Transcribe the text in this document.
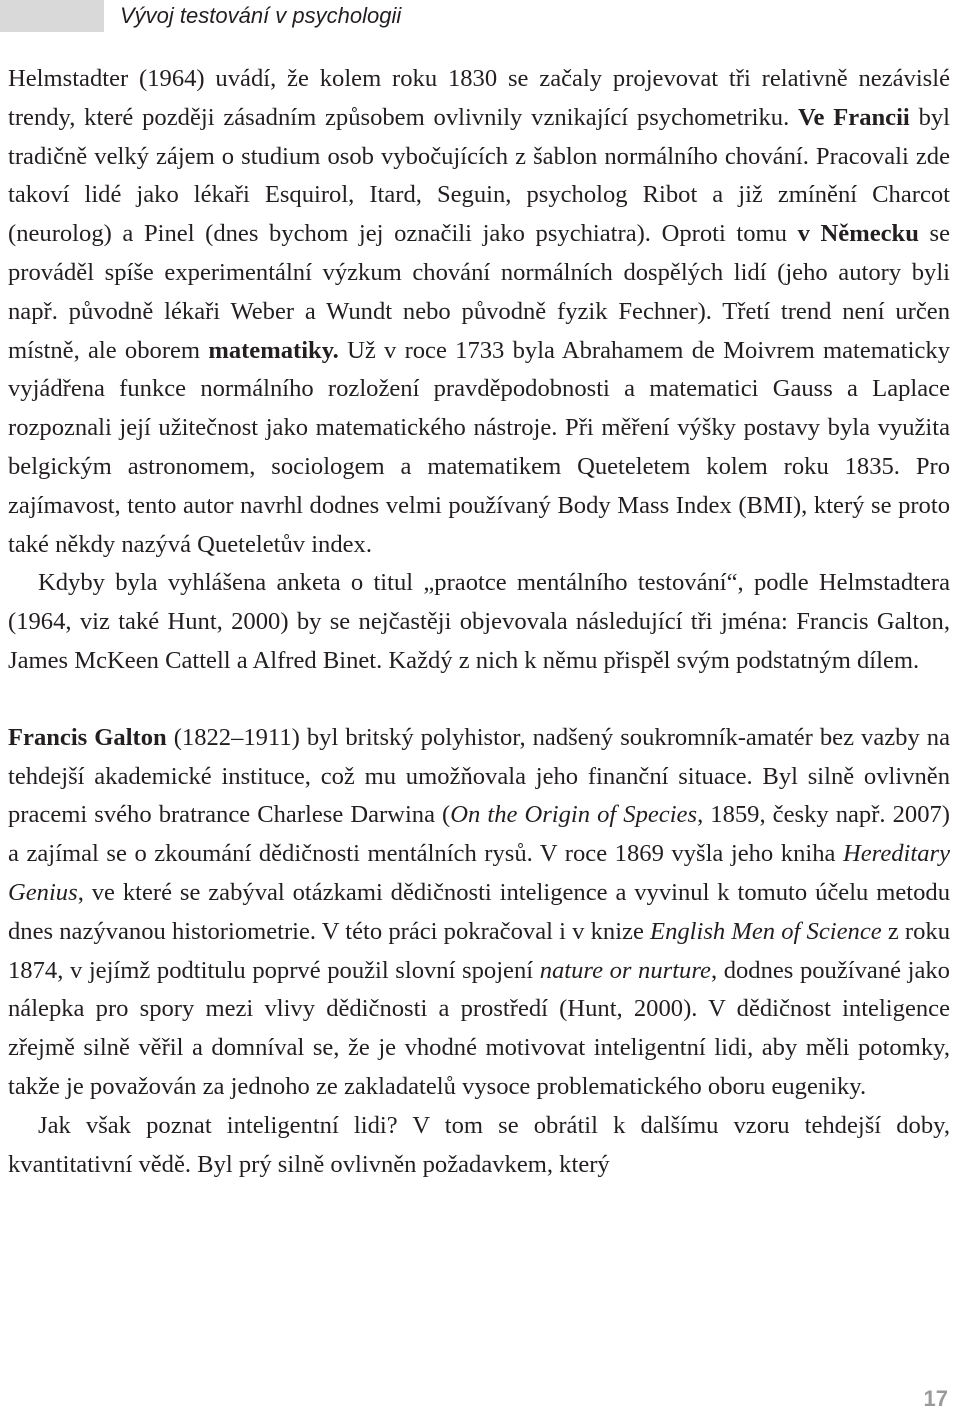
Vývoj testování v psychologii

Helmstadter (1964) uvádí, že kolem roku 1830 se začaly projevovat tři relativně nezávislé trendy, které později zásadním způsobem ovlivnily vznikající psychometriku. Ve Francii byl tradičně velký zájem o studium osob vybočujících z šablon normálního chování. Pracovali zde takoví lidé jako lékaři Esquirol, Itard, Seguin, psycholog Ribot a již zmínění Charcot (neurolog) a Pinel (dnes bychom jej označili jako psychiatra). Oproti tomu v Německu se prováděl spíše experimentální výzkum chování normálních dospělých lidí (jeho autory byli např. původně lékaři Weber a Wundt nebo původně fyzik Fechner). Třetí trend není určen místně, ale oborem matematiky. Už v roce 1733 byla Abrahamem de Moivrem matematicky vyjádřena funkce normálního rozložení pravděpodobnosti a matematici Gauss a Laplace rozpoznali její užitečnost jako matematického nástroje. Při měření výšky postavy byla využita belgickým astronomem, sociologem a matematikem Queteletem kolem roku 1835. Pro zajímavost, tento autor navrhl dodnes velmi používaný Body Mass Index (BMI), který se proto také někdy nazývá Queteletův index.

Kdyby byla vyhlášena anketa o titul „praotce mentálního testování“, podle Helmstadtera (1964, viz také Hunt, 2000) by se nejčastěji objevovala následující tři jména: Francis Galton, James McKeen Cattell a Alfred Binet. Každý z nich k němu přispěl svým podstatným dílem.

Francis Galton (1822–1911) byl britský polyhistor, nadšený soukromník-amatér bez vazby na tehdejší akademické instituce, což mu umožňovala jeho finanční situace. Byl silně ovlivněn pracemi svého bratrance Charlese Darwina (On the Origin of Species, 1859, česky např. 2007) a zajímal se o zkoumání dědičnosti mentálních rysů. V roce 1869 vyšla jeho kniha Hereditary Genius, ve které se zabýval otázkami dědičnosti inteligence a vyvinul k tomuto účelu metodu dnes nazývanou historiometrie. V této práci pokračoval i v knize English Men of Science z roku 1874, v jejímž podtitulu poprvé použil slovní spojení nature or nurture, dodnes používané jako nálepka pro spory mezi vlivy dědičnosti a prostředí (Hunt, 2000). V dědičnost inteligence zřejmě silně věřil a domníval se, že je vhodné motivovat inteligentní lidi, aby měli potomky, takže je považován za jednoho ze zakladatelů vysoce problematického oboru eugeniky.

Jak však poznat inteligentní lidi? V tom se obrátil k dalšímu vzoru tehdejší doby, kvantitativní vědě. Byl prý silně ovlivněn požadavkem, který

17
